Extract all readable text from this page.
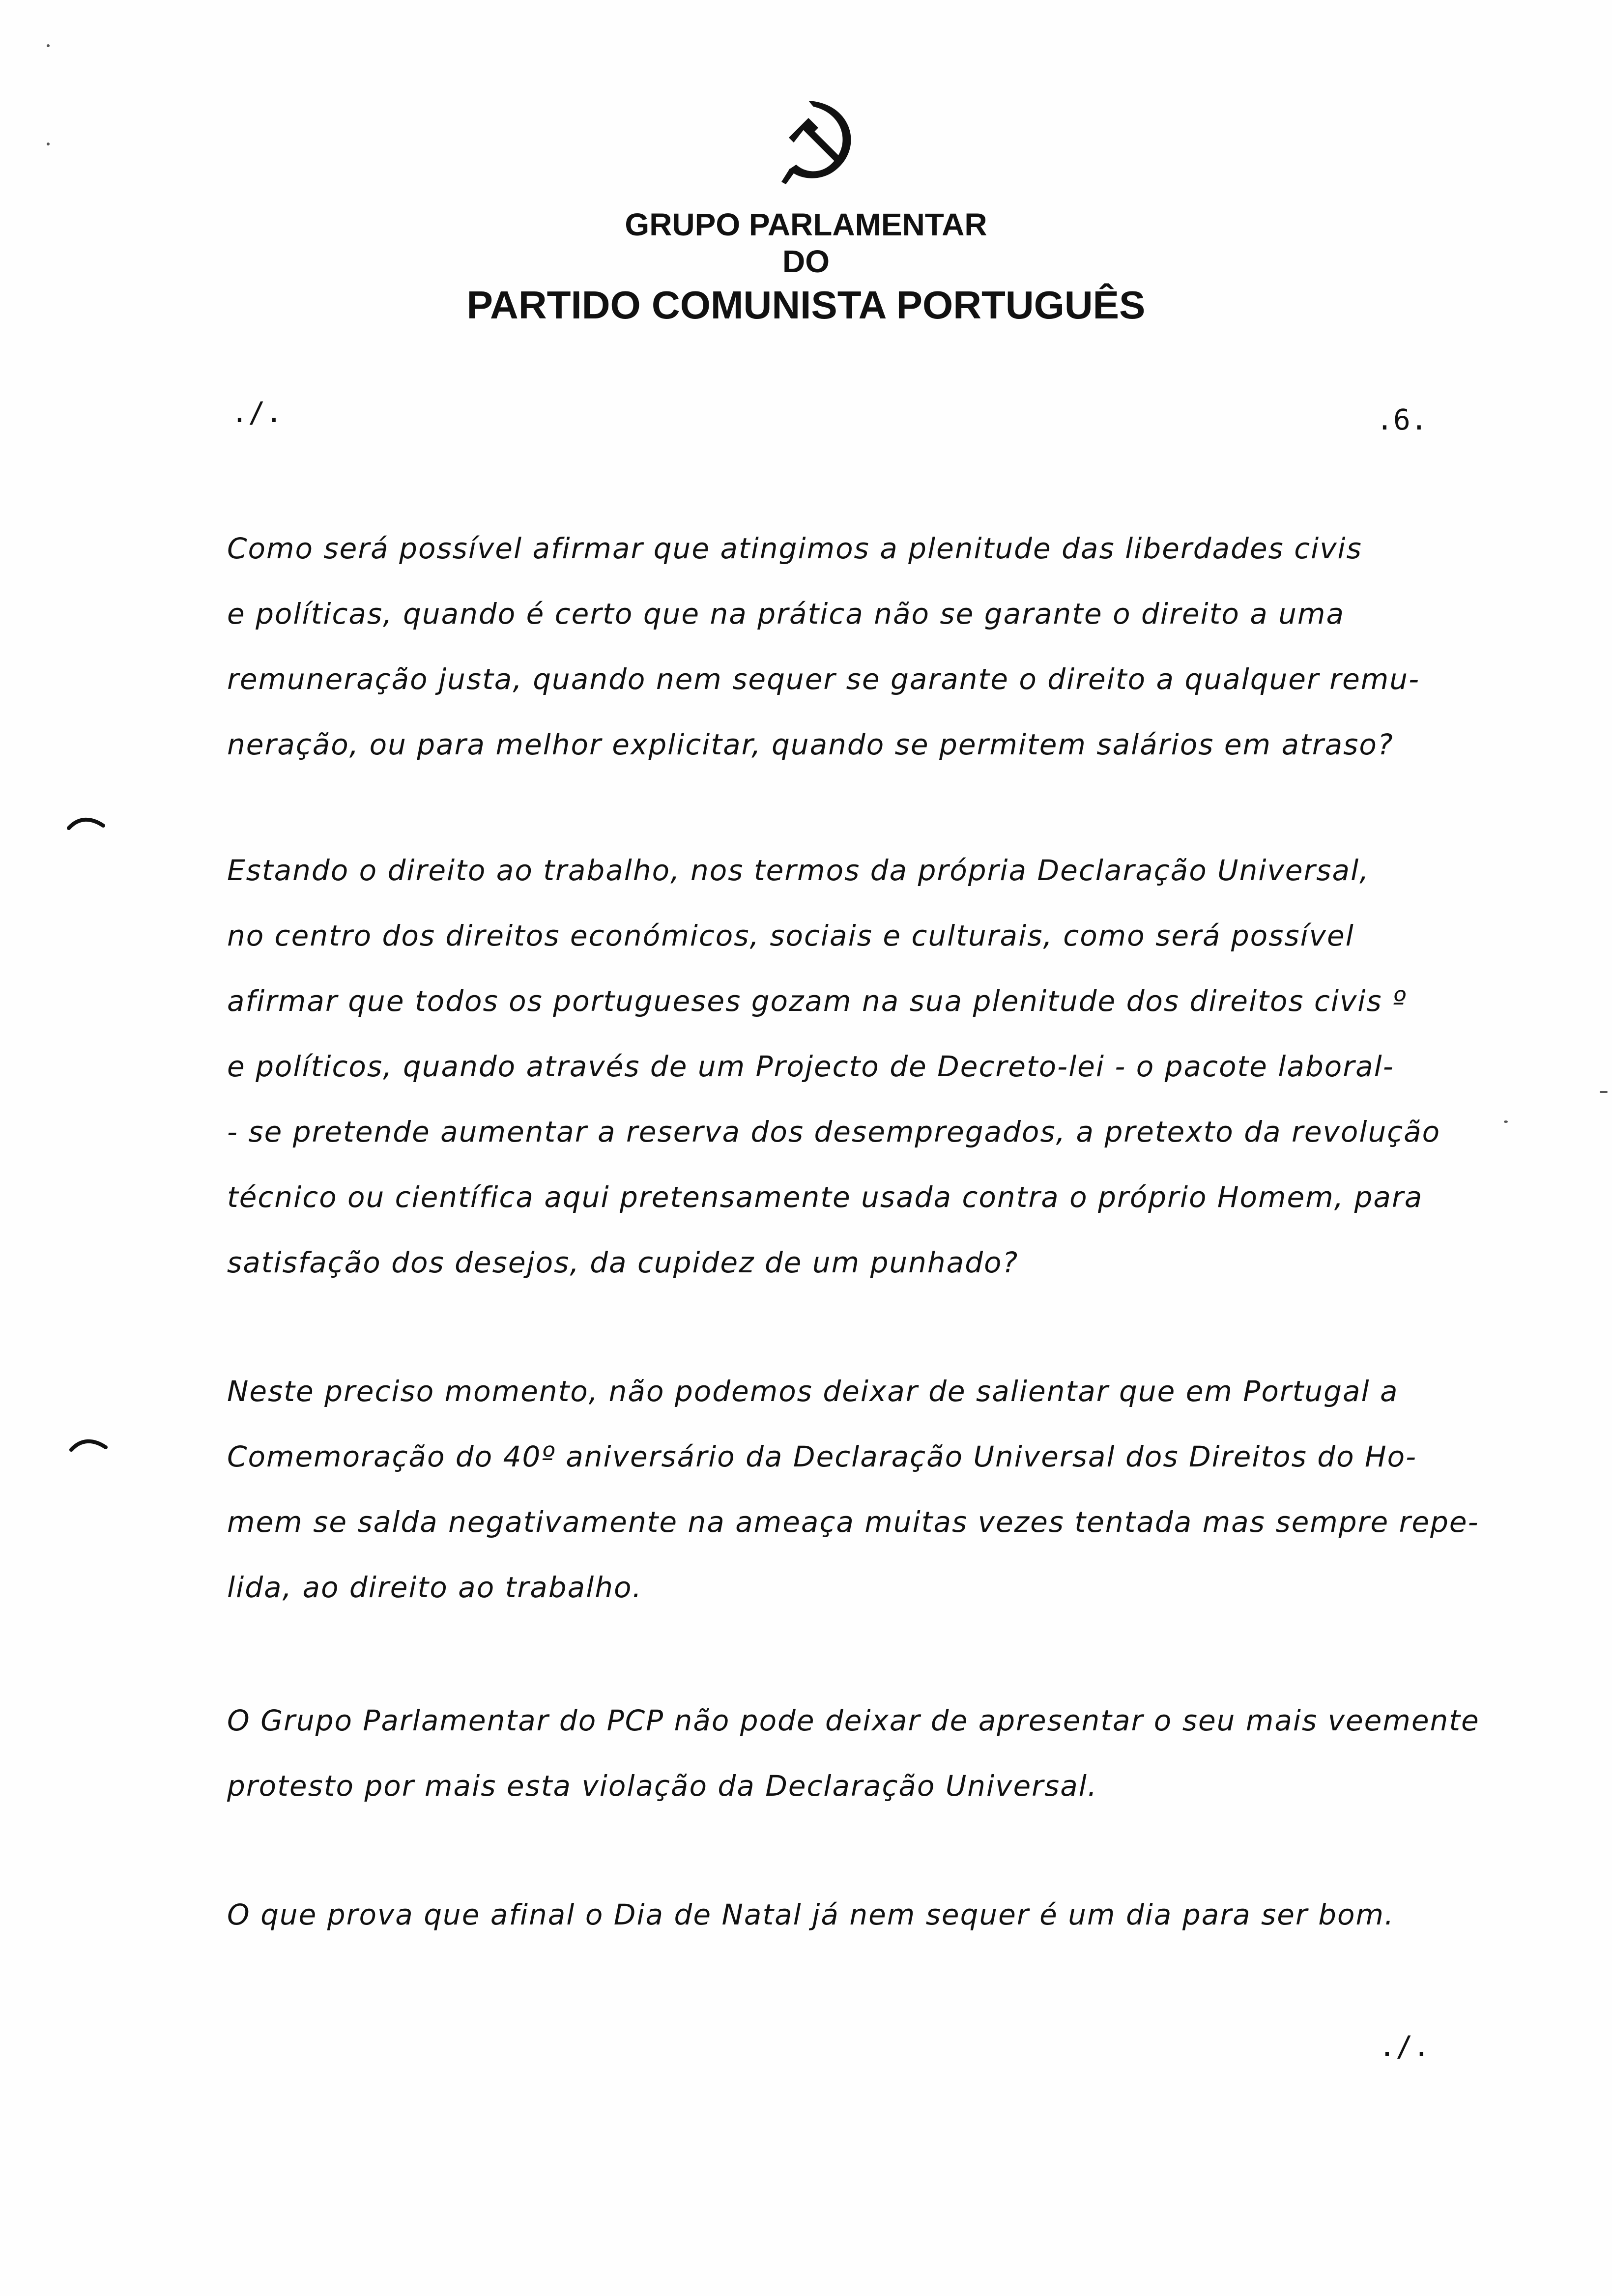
GRUPO PARLAMENTAR
DO
PARTIDO COMUNISTA PORTUGUÊS
./.	.6.
Como será possível afirmar que atingimos a plenitude das liberdades civis
e políticas, quando é certo que na prática não se garante o direito a uma
remuneração justa, quando nem sequer se garante o direito a qualquer remu-
neração, ou para melhor explicitar, quando se permitem salários em atraso?
Estando o direito ao trabalho, nos termos da própria Declaração Universal,
no centro dos direitos económicos, sociais e culturais, como será possível
afirmar que todos os portugueses gozam na sua plenitude dos direitos civis º
e políticos, quando através de um Projecto de Decreto-lei - o pacote laboral-
- se pretende aumentar a reserva dos desempregados, a pretexto da revolução
técnico ou científica aqui pretensamente usada contra o próprio Homem, para
satisfação dos desejos, da cupidez de um punhado?
Neste preciso momento, não podemos deixar de salientar que em Portugal a
Comemoração do 40º aniversário da Declaração Universal dos Direitos do Ho-
mem se salda negativamente na ameaça muitas vezes tentada mas sempre repe-
lida, ao direito ao trabalho.
O Grupo Parlamentar do PCP não pode deixar de apresentar o seu mais veemente
protesto por mais esta violação da Declaração Universal.
O que prova que afinal o Dia de Natal já nem sequer é um dia para ser bom.
./.
